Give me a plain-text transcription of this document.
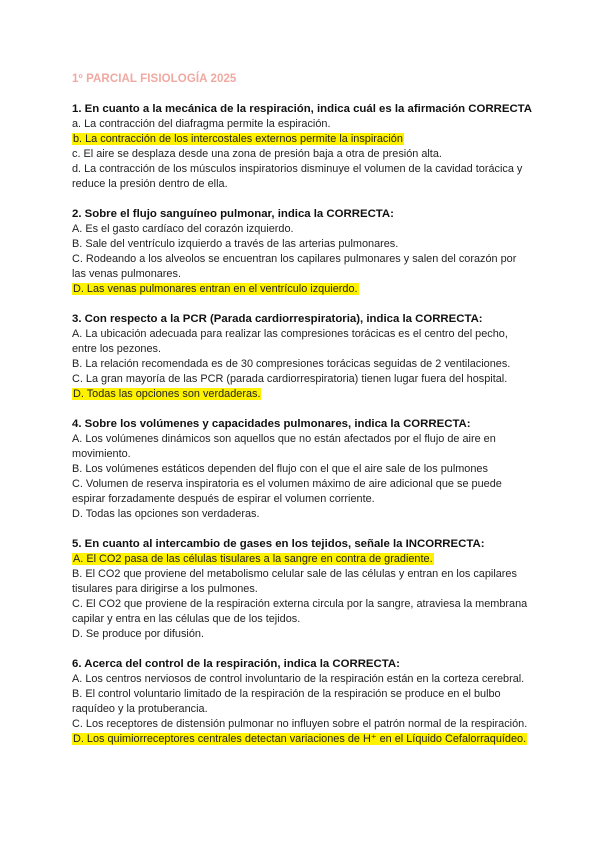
1º PARCIAL FISIOLOGÍA 2025

1. En cuanto a la mecánica de la respiración, indica cuál es la afirmación CORRECTA

a. La contracción del diafragma permite la espiración.

b. La contracción de los intercostales externos permite la inspiración

c. El aire se desplaza desde una zona de presión baja a otra de presión alta.

d. La contracción de los músculos inspiratorios disminuye el volumen de la cavidad torácica y reduce la presión dentro de ella.

2. Sobre el flujo sanguíneo pulmonar, indica la CORRECTA:

A. Es el gasto cardíaco del corazón izquierdo.

B. Sale del ventrículo izquierdo a través de las arterias pulmonares.

C. Rodeando a los alveolos se encuentran los capilares pulmonares y salen del corazón por las venas pulmonares.

D. Las venas pulmonares entran en el ventrículo izquierdo.

3. Con respecto a la PCR (Parada cardiorrespiratoria), indica la CORRECTA:

A. La ubicación adecuada para realizar las compresiones torácicas es el centro del pecho, entre los pezones.

B. La relación recomendada es de 30 compresiones torácicas seguidas de 2 ventilaciones.

C. La gran mayoría de las PCR (parada cardiorrespiratoria) tienen lugar fuera del hospital.

D. Todas las opciones son verdaderas.

4. Sobre los volúmenes y capacidades pulmonares, indica la CORRECTA:

A. Los volúmenes dinámicos son aquellos que no están afectados por el flujo de aire en movimiento.

B. Los volúmenes estáticos dependen del flujo con el que el aire sale de los pulmones

C. Volumen de reserva inspiratoria es el volumen máximo de aire adicional que se puede espirar forzadamente después de espirar el volumen corriente.

D. Todas las opciones son verdaderas.

5. En cuanto al intercambio de gases en los tejidos, señale la INCORRECTA:

A. El CO2 pasa de las células tisulares a la sangre en contra de gradiente.

B. El CO2 que proviene del metabolismo celular sale de las células y entran en los capilares tisulares para dirigirse a los pulmones.

C. El CO2 que proviene de la respiración externa circula por la sangre, atraviesa la membrana capilar y entra en las células que de los tejidos.

D. Se produce por difusión.

6. Acerca del control de la respiración, indica la CORRECTA:

A. Los centros nerviosos de control involuntario de la respiración están en la corteza cerebral.

B. El control voluntario limitado de la respiración de la respiración se produce en el bulbo raquídeo y la protuberancia.

C. Los receptores de distensión pulmonar no influyen sobre el patrón normal de la respiración.

D. Los quimiorreceptores centrales detectan variaciones de H⁺ en el Líquido Cefalorraquídeo.
